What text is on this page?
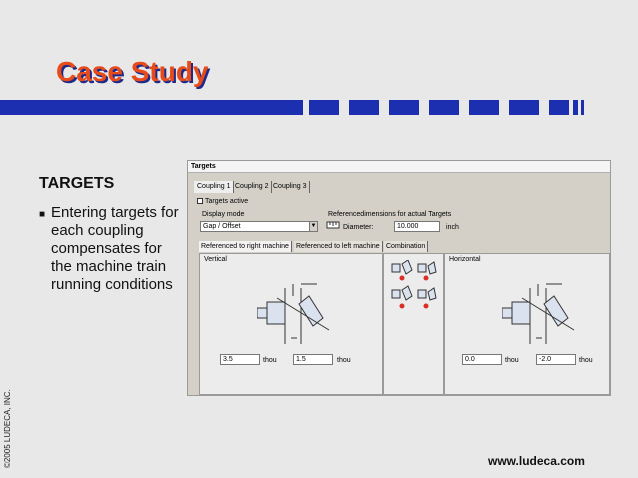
Case Study
©2005 LUDECA, INC.	www.ludeca.com
TARGETS
■ Entering targets for each coupling compensates for the machine train running conditions
Targets
Coupling 1 Coupling 2 Coupling 3
Targets active
Display mode
Gap / Offset	▼
Referencedimensions for actual Targets
Diameter:	10.000	inch
Referenced to right machine	Referenced to left machine Combination
Vertical
3.5	thou	1.5	thou
Horizontal
0.0	thou	-2.0	thou
